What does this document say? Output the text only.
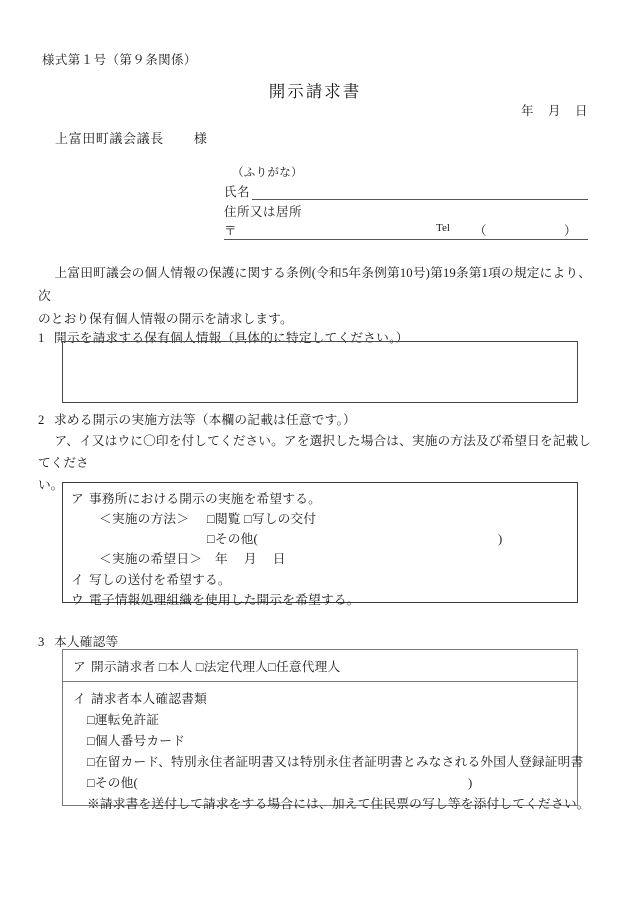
様式第１号（第９条関係）
開示請求書
年 月 日
上富田町議会議長 様
（ふりがな）
氏名
住所又は居所
〒	Tel （　　　）
上富田町議会の個人情報の保護に関する条例(令和5年条例第10号)第19条第1項の規定により、次
のとおり保有個人情報の開示を請求します。
1 開示を請求する保有個人情報（具体的に特定してください。）
2 求める開示の実施方法等（本欄の記載は任意です。）
ア、イ又はウに〇印を付してください。アを選択した場合は、実施の方法及び希望日を記載してくださ
い。
ア 事務所における開示の実施を希望する。
＜実施の方法＞ □閲覧 □写しの交付
□その他(	)
＜実施の希望日＞ 年 月 日
イ 写しの送付を希望する。
ウ 電子情報処理組織を使用した開示を希望する。
3 本人確認等
ア 開示請求者 □本人 □法定代理人□任意代理人
イ 請求者本人確認書類
□運転免許証
□個人番号カード
□在留カード、特別永住者証明書又は特別永住者証明書とみなされる外国人登録証明書
□その他(	)
※請求書を送付して請求をする場合には、加えて住民票の写し等を添付してください。
